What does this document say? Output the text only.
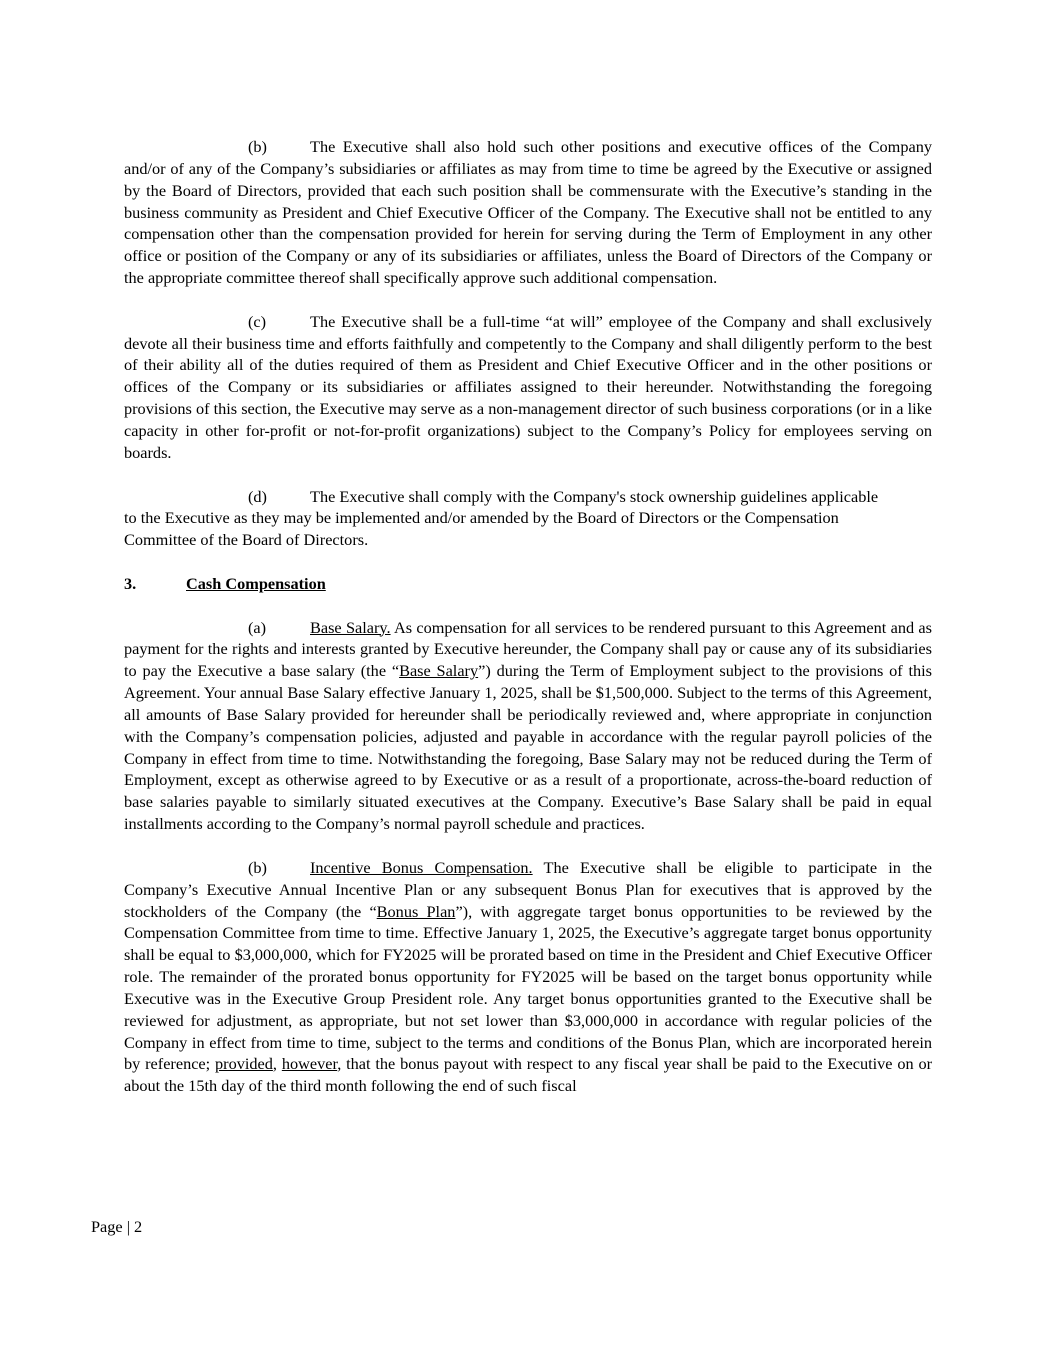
(b)	The Executive shall also hold such other positions and executive offices of the Company and/or of any of the Company’s subsidiaries or affiliates as may from time to time be agreed by the Executive or assigned by the Board of Directors, provided that each such position shall be commensurate with the Executive’s standing in the business community as President and Chief Executive Officer of the Company. The Executive shall not be entitled to any compensation other than the compensation provided for herein for serving during the Term of Employment in any other office or position of the Company or any of its subsidiaries or affiliates, unless the Board of Directors of the Company or the appropriate committee thereof shall specifically approve such additional compensation.

(c)	The Executive shall be a full-time “at will” employee of the Company and shall exclusively devote all their business time and efforts faithfully and competently to the Company and shall diligently perform to the best of their ability all of the duties required of them as President and Chief Executive Officer and in the other positions or offices of the Company or its subsidiaries or affiliates assigned to their hereunder. Notwithstanding the foregoing provisions of this section, the Executive may serve as a non-management director of such business corporations (or in a like capacity in other for-profit or not-for-profit organizations) subject to the Company’s Policy for employees serving on boards.

(d)	The Executive shall comply with the Company's stock ownership guidelines applicable to the Executive as they may be implemented and/or amended by the Board of Directors or the Compensation Committee of the Board of Directors.

3.	Cash Compensation

(a)	Base Salary. As compensation for all services to be rendered pursuant to this Agreement and as payment for the rights and interests granted by Executive hereunder, the Company shall pay or cause any of its subsidiaries to pay the Executive a base salary (the “Base Salary”) during the Term of Employment subject to the provisions of this Agreement. Your annual Base Salary effective January 1, 2025, shall be $1,500,000. Subject to the terms of this Agreement, all amounts of Base Salary provided for hereunder shall be periodically reviewed and, where appropriate in conjunction with the Company’s compensation policies, adjusted and payable in accordance with the regular payroll policies of the Company in effect from time to time. Notwithstanding the foregoing, Base Salary may not be reduced during the Term of Employment, except as otherwise agreed to by Executive or as a result of a proportionate, across-the-board reduction of base salaries payable to similarly situated executives at the Company. Executive’s Base Salary shall be paid in equal installments according to the Company’s normal payroll schedule and practices.

(b)	Incentive Bonus Compensation. The Executive shall be eligible to participate in the Company’s Executive Annual Incentive Plan or any subsequent Bonus Plan for executives that is approved by the stockholders of the Company (the “Bonus Plan”), with aggregate target bonus opportunities to be reviewed by the Compensation Committee from time to time. Effective January 1, 2025, the Executive’s aggregate target bonus opportunity shall be equal to $3,000,000, which for FY2025 will be prorated based on time in the President and Chief Executive Officer role. The remainder of the prorated bonus opportunity for FY2025 will be based on the target bonus opportunity while Executive was in the Executive Group President role. Any target bonus opportunities granted to the Executive shall be reviewed for adjustment, as appropriate, but not set lower than $3,000,000 in accordance with regular policies of the Company in effect from time to time, subject to the terms and conditions of the Bonus Plan, which are incorporated herein by reference; provided, however, that the bonus payout with respect to any fiscal year shall be paid to the Executive on or about the 15th day of the third month following the end of such fiscal

Page | 2
